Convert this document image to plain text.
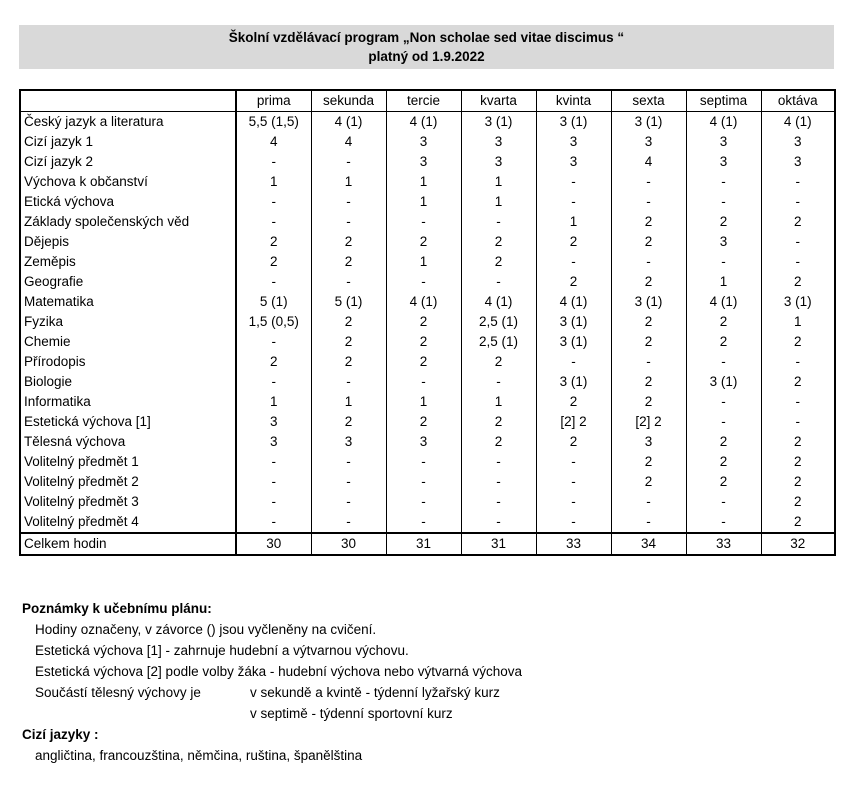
Školní vzdělávací program „Non scholae sed vitae discimus “
platný od 1.9.2022
	prima	sekunda	tercie	kvarta	kvinta	sexta	septima	oktáva
Český jazyk a literatura	5,5 (1,5)	4 (1)	4 (1)	3 (1)	3 (1)	3 (1)	4 (1)	4 (1)
Cizí jazyk 1	4	4	3	3	3	3	3	3
Cizí jazyk 2	-	-	3	3	3	4	3	3
Výchova k občanství	1	1	1	1	-	-	-	-
Etická výchova	-	-	1	1	-	-	-	-
Základy společenských věd	-	-	-	-	1	2	2	2
Dějepis	2	2	2	2	2	2	3	-
Zeměpis	2	2	1	2	-	-	-	-
Geografie	-	-	-	-	2	2	1	2
Matematika	5 (1)	5 (1)	4 (1)	4 (1)	4 (1)	3 (1)	4 (1)	3 (1)
Fyzika	1,5 (0,5)	2	2	2,5 (1)	3 (1)	2	2	1
Chemie	-	2	2	2,5 (1)	3 (1)	2	2	2
Přírodopis	2	2	2	2	-	-	-	-
Biologie	-	-	-	-	3 (1)	2	3 (1)	2
Informatika	1	1	1	1	2	2	-	-
Estetická výchova [1]	3	2	2	2	[2] 2	[2] 2	-	-
Tělesná výchova	3	3	3	2	2	3	2	2
Volitelný předmět 1	-	-	-	-	-	2	2	2
Volitelný předmět 2	-	-	-	-	-	2	2	2
Volitelný předmět 3	-	-	-	-	-	-	-	2
Volitelný předmět 4	-	-	-	-	-	-	-	2
Celkem hodin	30	30	31	31	33	34	33	32
Poznámky k učebnímu plánu:
Hodiny označeny, v závorce () jsou vyčleněny na cvičení.
Estetická výchova [1] - zahrnuje hudební a výtvarnou výchovu.
Estetická výchova [2] podle volby žáka - hudební výchova nebo výtvarná výchova
Součástí tělesný výchovy je	v sekundě a kvintě - týdenní lyžařský kurz
v septimě - týdenní sportovní kurz
Cizí jazyky :
angličtina, francouzština, němčina, ruština, španělština
